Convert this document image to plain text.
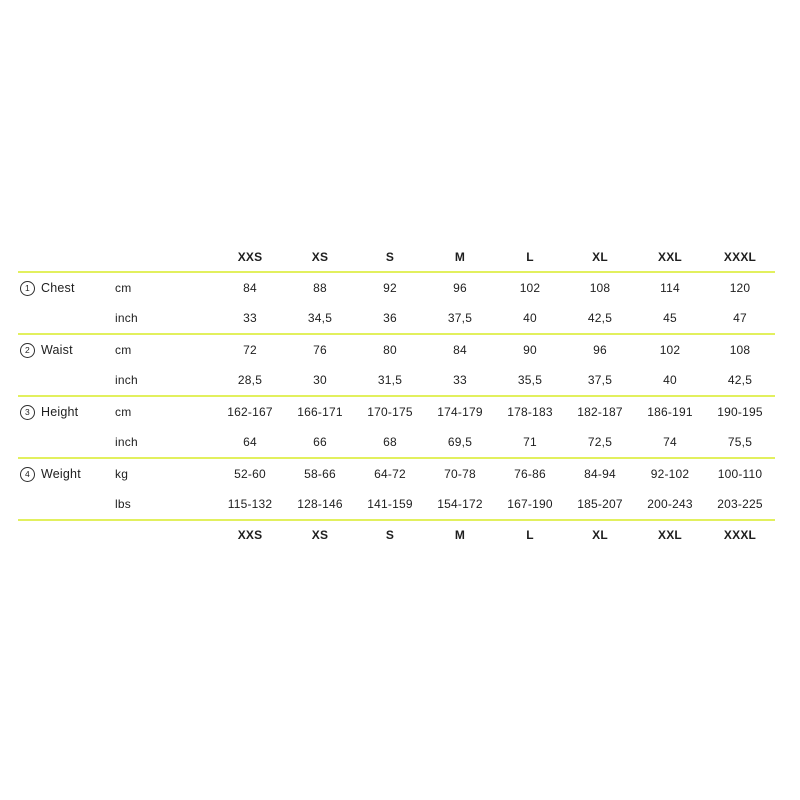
XXS	XS	S	M	L	XL	XXL	XXXL
1 Chest	cm	84	88	92	96	102	108	114	120
inch	33	34,5	36	37,5	40	42,5	45	47
2 Waist	cm	72	76	80	84	90	96	102	108
inch	28,5	30	31,5	33	35,5	37,5	40	42,5
3 Height	cm	162-167	166-171	170-175	174-179	178-183	182-187	186-191	190-195
inch	64	66	68	69,5	71	72,5	74	75,5
4 Weight	kg	52-60	58-66	64-72	70-78	76-86	84-94	92-102	100-110
lbs	115-132	128-146	141-159	154-172	167-190	185-207	200-243	203-225
XXS	XS	S	M	L	XL	XXL	XXXL
